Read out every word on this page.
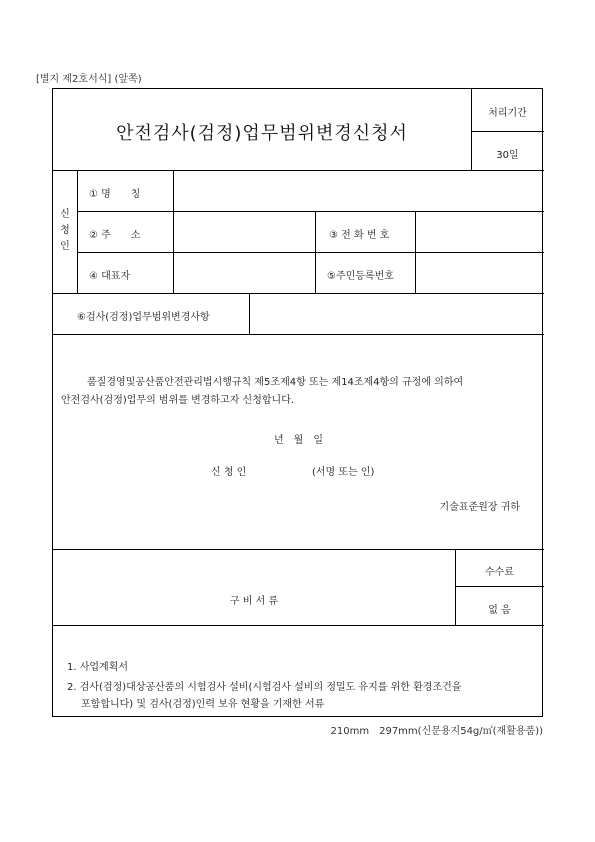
[별지 제2호서식] (앞쪽)
안전검사(검정)업무범위변경신청서
처리기간
30일
신
청
인
① 명　　칭
② 주　　소	③ 전 화 번 호
④ 대표자	⑤주민등록번호
⑥검사(검정)업무범위변경사항
품질경영및공산품안전관리법시행규칙 제5조제4항 또는 제14조제4항의 규정에 의하여
안전검사(검정)업무의 범위를 변경하고자 신청합니다.
년　월　일
신 청 인	(서명 또는 인)
기술표준원장 귀하
구 비 서 류
수수료
없 음
1. 사업계획서
2. 검사(검정)대상공산품의 시험검사 설비(시험검사 설비의 정밀도 유지를 위한 환경조건을
포함합니다) 및 검사(검정)인력 보유 현황을 기재한 서류
210mm　297mm(신문용지54g/㎡(재활용품))
